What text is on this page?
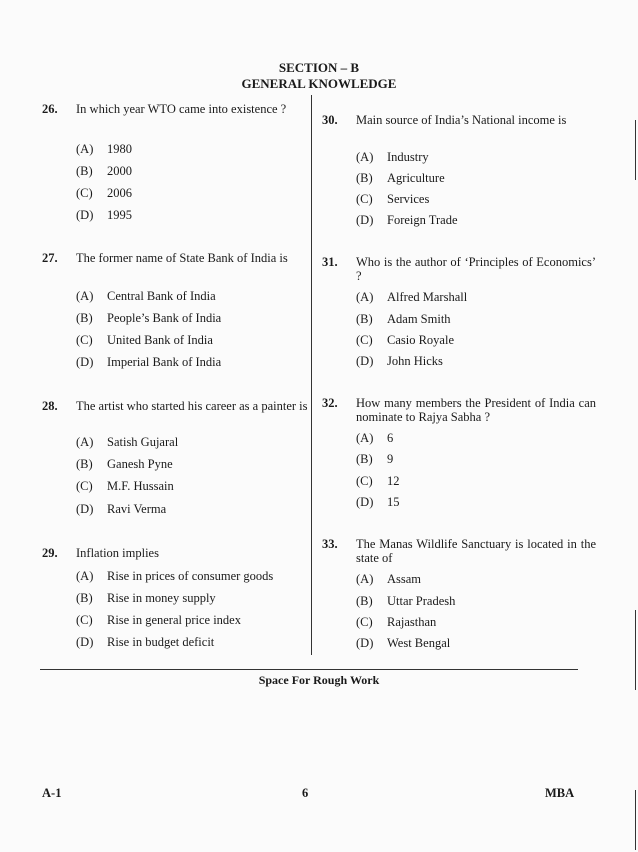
SECTION – B
GENERAL KNOWLEDGE
26. In which year WTO came into existence ?
(A) 1980
(B) 2000
(C) 2006
(D) 1995
27. The former name of State Bank of India is
(A) Central Bank of India
(B) People’s Bank of India
(C) United Bank of India
(D) Imperial Bank of India
28. The artist who started his career as a painter is
(A) Satish Gujaral
(B) Ganesh Pyne
(C) M.F. Hussain
(D) Ravi Verma
29. Inflation implies
(A) Rise in prices of consumer goods
(B) Rise in money supply
(C) Rise in general price index
(D) Rise in budget deficit
30. Main source of India’s National income is
(A) Industry
(B) Agriculture
(C) Services
(D) Foreign Trade
31. Who is the author of ‘Principles of Economics’ ?
(A) Alfred Marshall
(B) Adam Smith
(C) Casio Royale
(D) John Hicks
32. How many members the President of India can nominate to Rajya Sabha ?
(A) 6
(B) 9
(C) 12
(D) 15
33. The Manas Wildlife Sanctuary is located in the state of
(A) Assam
(B) Uttar Pradesh
(C) Rajasthan
(D) West Bengal
Space For Rough Work
A-1	6	MBA
